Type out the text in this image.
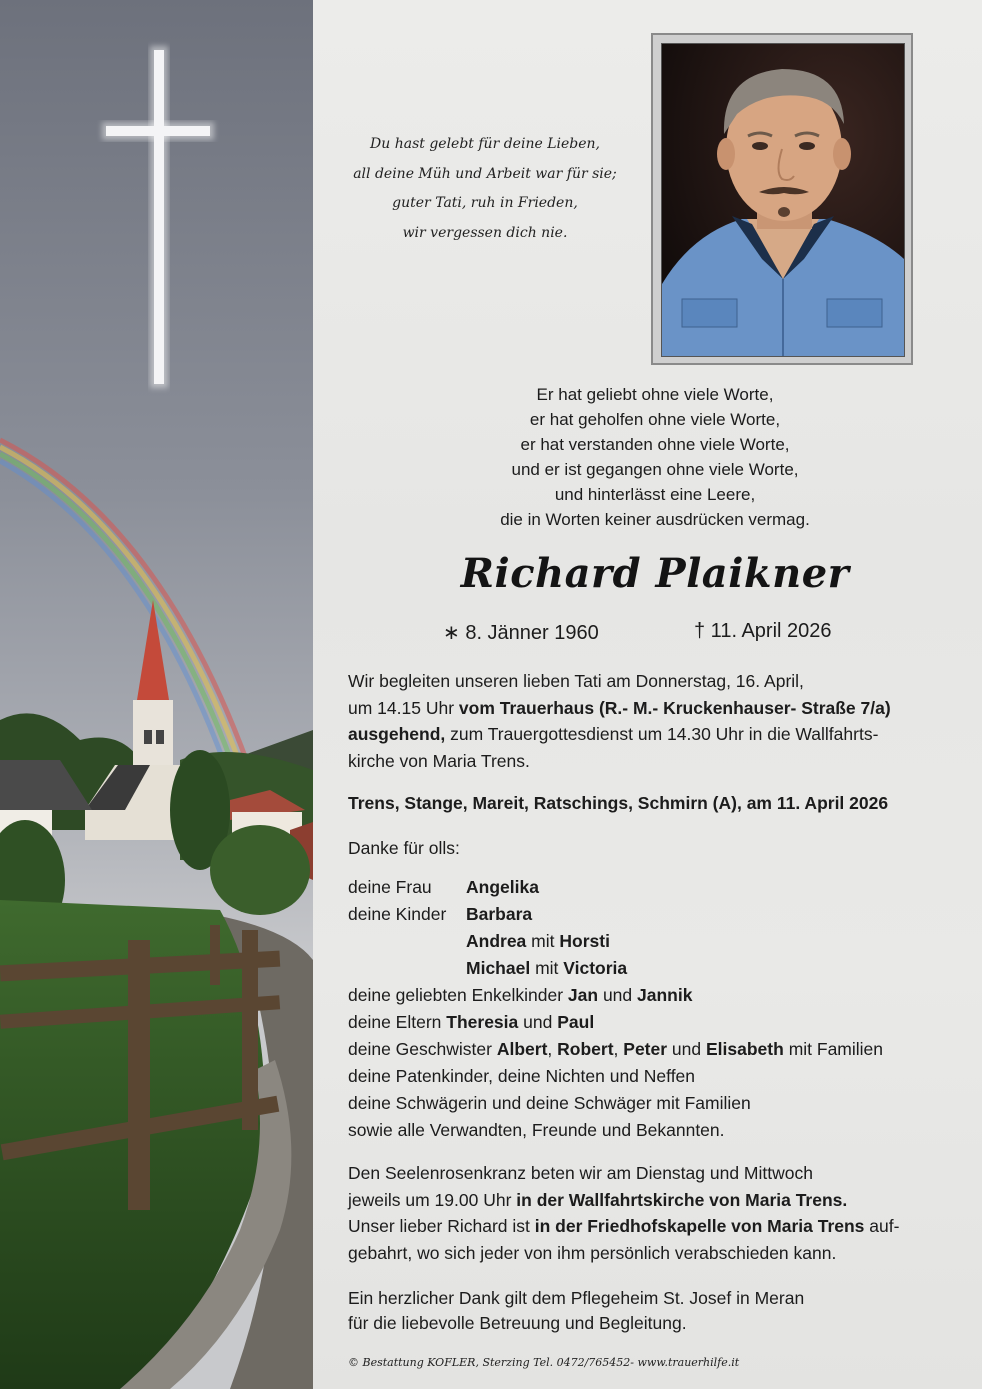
Du hast gelebt für deine Lieben,
all deine Müh und Arbeit war für sie;
guter Tati, ruh in Frieden,
wir vergessen dich nie.
Er hat geliebt ohne viele Worte,
er hat geholfen ohne viele Worte,
er hat verstanden ohne viele Worte,
und er ist gegangen ohne viele Worte,
und hinterlässt eine Leere,
die in Worten keiner ausdrücken vermag.
Richard Plaikner
∗ 8. Jänner 1960	† 11. April 2026
Wir begleiten unseren lieben Tati am Donnerstag, 16. April,
um 14.15 Uhr vom Trauerhaus (R.- M.- Kruckenhauser- Straße 7/a)
ausgehend, zum Trauergottesdienst um 14.30 Uhr in die Wallfahrts-
kirche von Maria Trens.
Trens, Stange, Mareit, Ratschings, Schmirn (A), am 11. April 2026
Danke für olls:
deine Frau Angelika
deine Kinder Barbara
Andrea mit Horsti
Michael mit Victoria
deine geliebten Enkelkinder Jan und Jannik
deine Eltern Theresia und Paul
deine Geschwister Albert, Robert, Peter und Elisabeth mit Familien
deine Patenkinder, deine Nichten und Neffen
deine Schwägerin und deine Schwäger mit Familien
sowie alle Verwandten, Freunde und Bekannten.
Den Seelenrosenkranz beten wir am Dienstag und Mittwoch
jeweils um 19.00 Uhr in der Wallfahrtskirche von Maria Trens.
Unser lieber Richard ist in der Friedhofskapelle von Maria Trens auf-
gebahrt, wo sich jeder von ihm persönlich verabschieden kann.
Ein herzlicher Dank gilt dem Pflegeheim St. Josef in Meran
für die liebevolle Betreuung und Begleitung.
© Bestattung KOFLER, Sterzing Tel. 0472/765452- www.trauerhilfe.it
